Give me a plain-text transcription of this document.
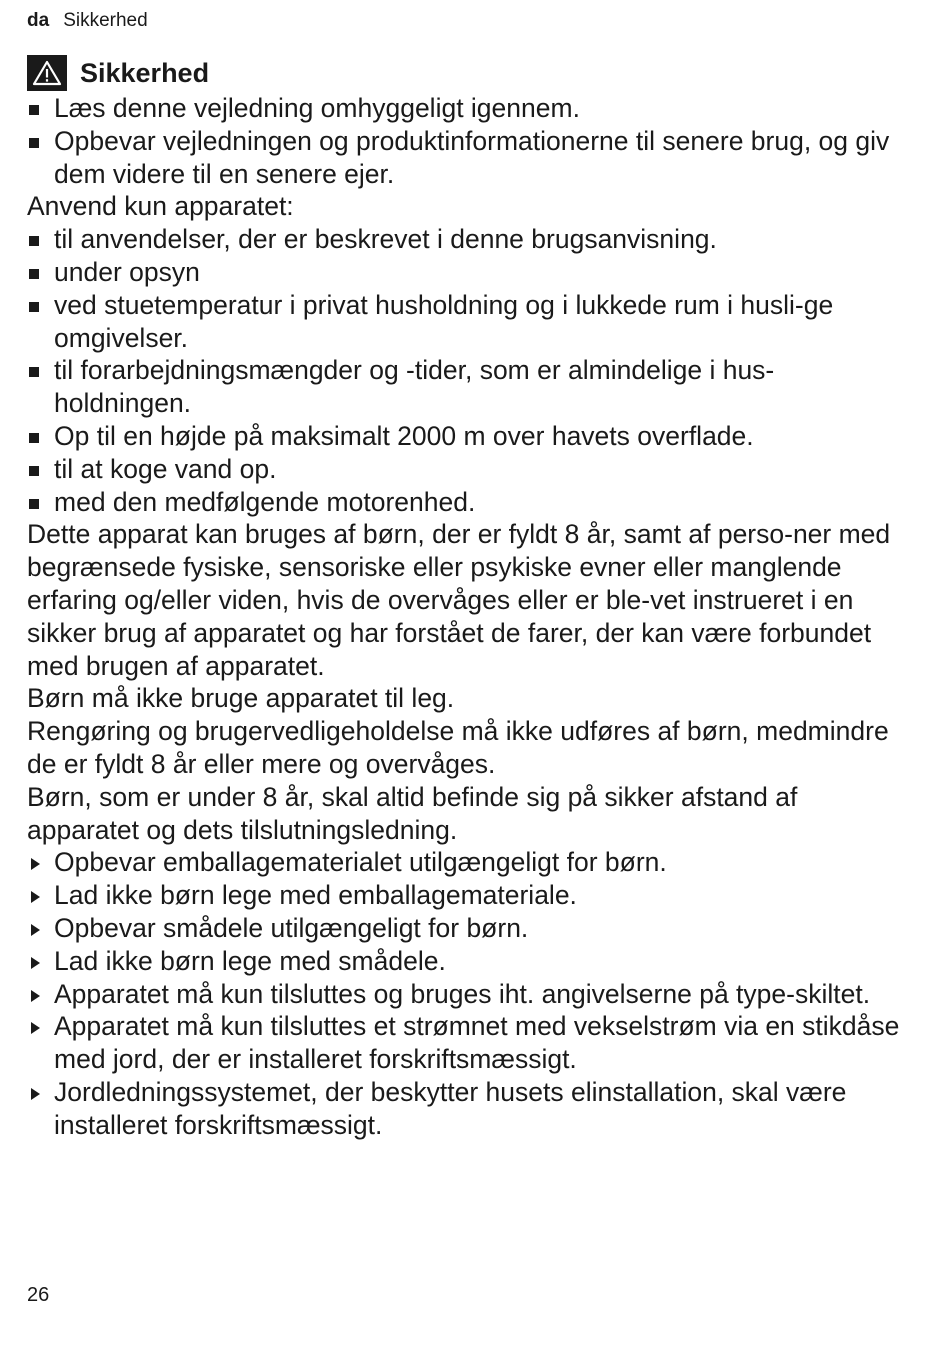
da Sikkerhed
Sikkerhed
Læs denne vejledning omhyggeligt igennem.
Opbevar vejledningen og produktinformationerne til senere brug, og giv dem videre til en senere ejer.

Anvend kun apparatet:

til anvendelser, der er beskrevet i denne brugsanvisning.
under opsyn
ved stuetemperatur i privat husholdning og i lukkede rum i husli-ge omgivelser.
til forarbejdningsmængder og -tider, som er almindelige i hus-holdningen.
Op til en højde på maksimalt 2000 m over havets overflade.
til at koge vand op.
med den medfølgende motorenhed.

Dette apparat kan bruges af børn, der er fyldt 8 år, samt af perso-ner med begrænsede fysiske, sensoriske eller psykiske evner eller manglende erfaring og/eller viden, hvis de overvåges eller er ble-vet instrueret i en sikker brug af apparatet og har forstået de farer, der kan være forbundet med brugen af apparatet.

Børn må ikke bruge apparatet til leg.

Rengøring og brugervedligeholdelse må ikke udføres af børn, medmindre de er fyldt 8 år eller mere og overvåges.

Børn, som er under 8 år, skal altid befinde sig på sikker afstand af apparatet og dets tilslutningsledning.

Opbevar emballagematerialet utilgængeligt for børn.
Lad ikke børn lege med emballagemateriale.
Opbevar smådele utilgængeligt for børn.
Lad ikke børn lege med smådele.
Apparatet må kun tilsluttes og bruges iht. angivelserne på type-skiltet.
Apparatet må kun tilsluttes et strømnet med vekselstrøm via en stikdåse med jord, der er installeret forskriftsmæssigt.
Jordledningssystemet, der beskytter husets elinstallation, skal være installeret forskriftsmæssigt.
26
